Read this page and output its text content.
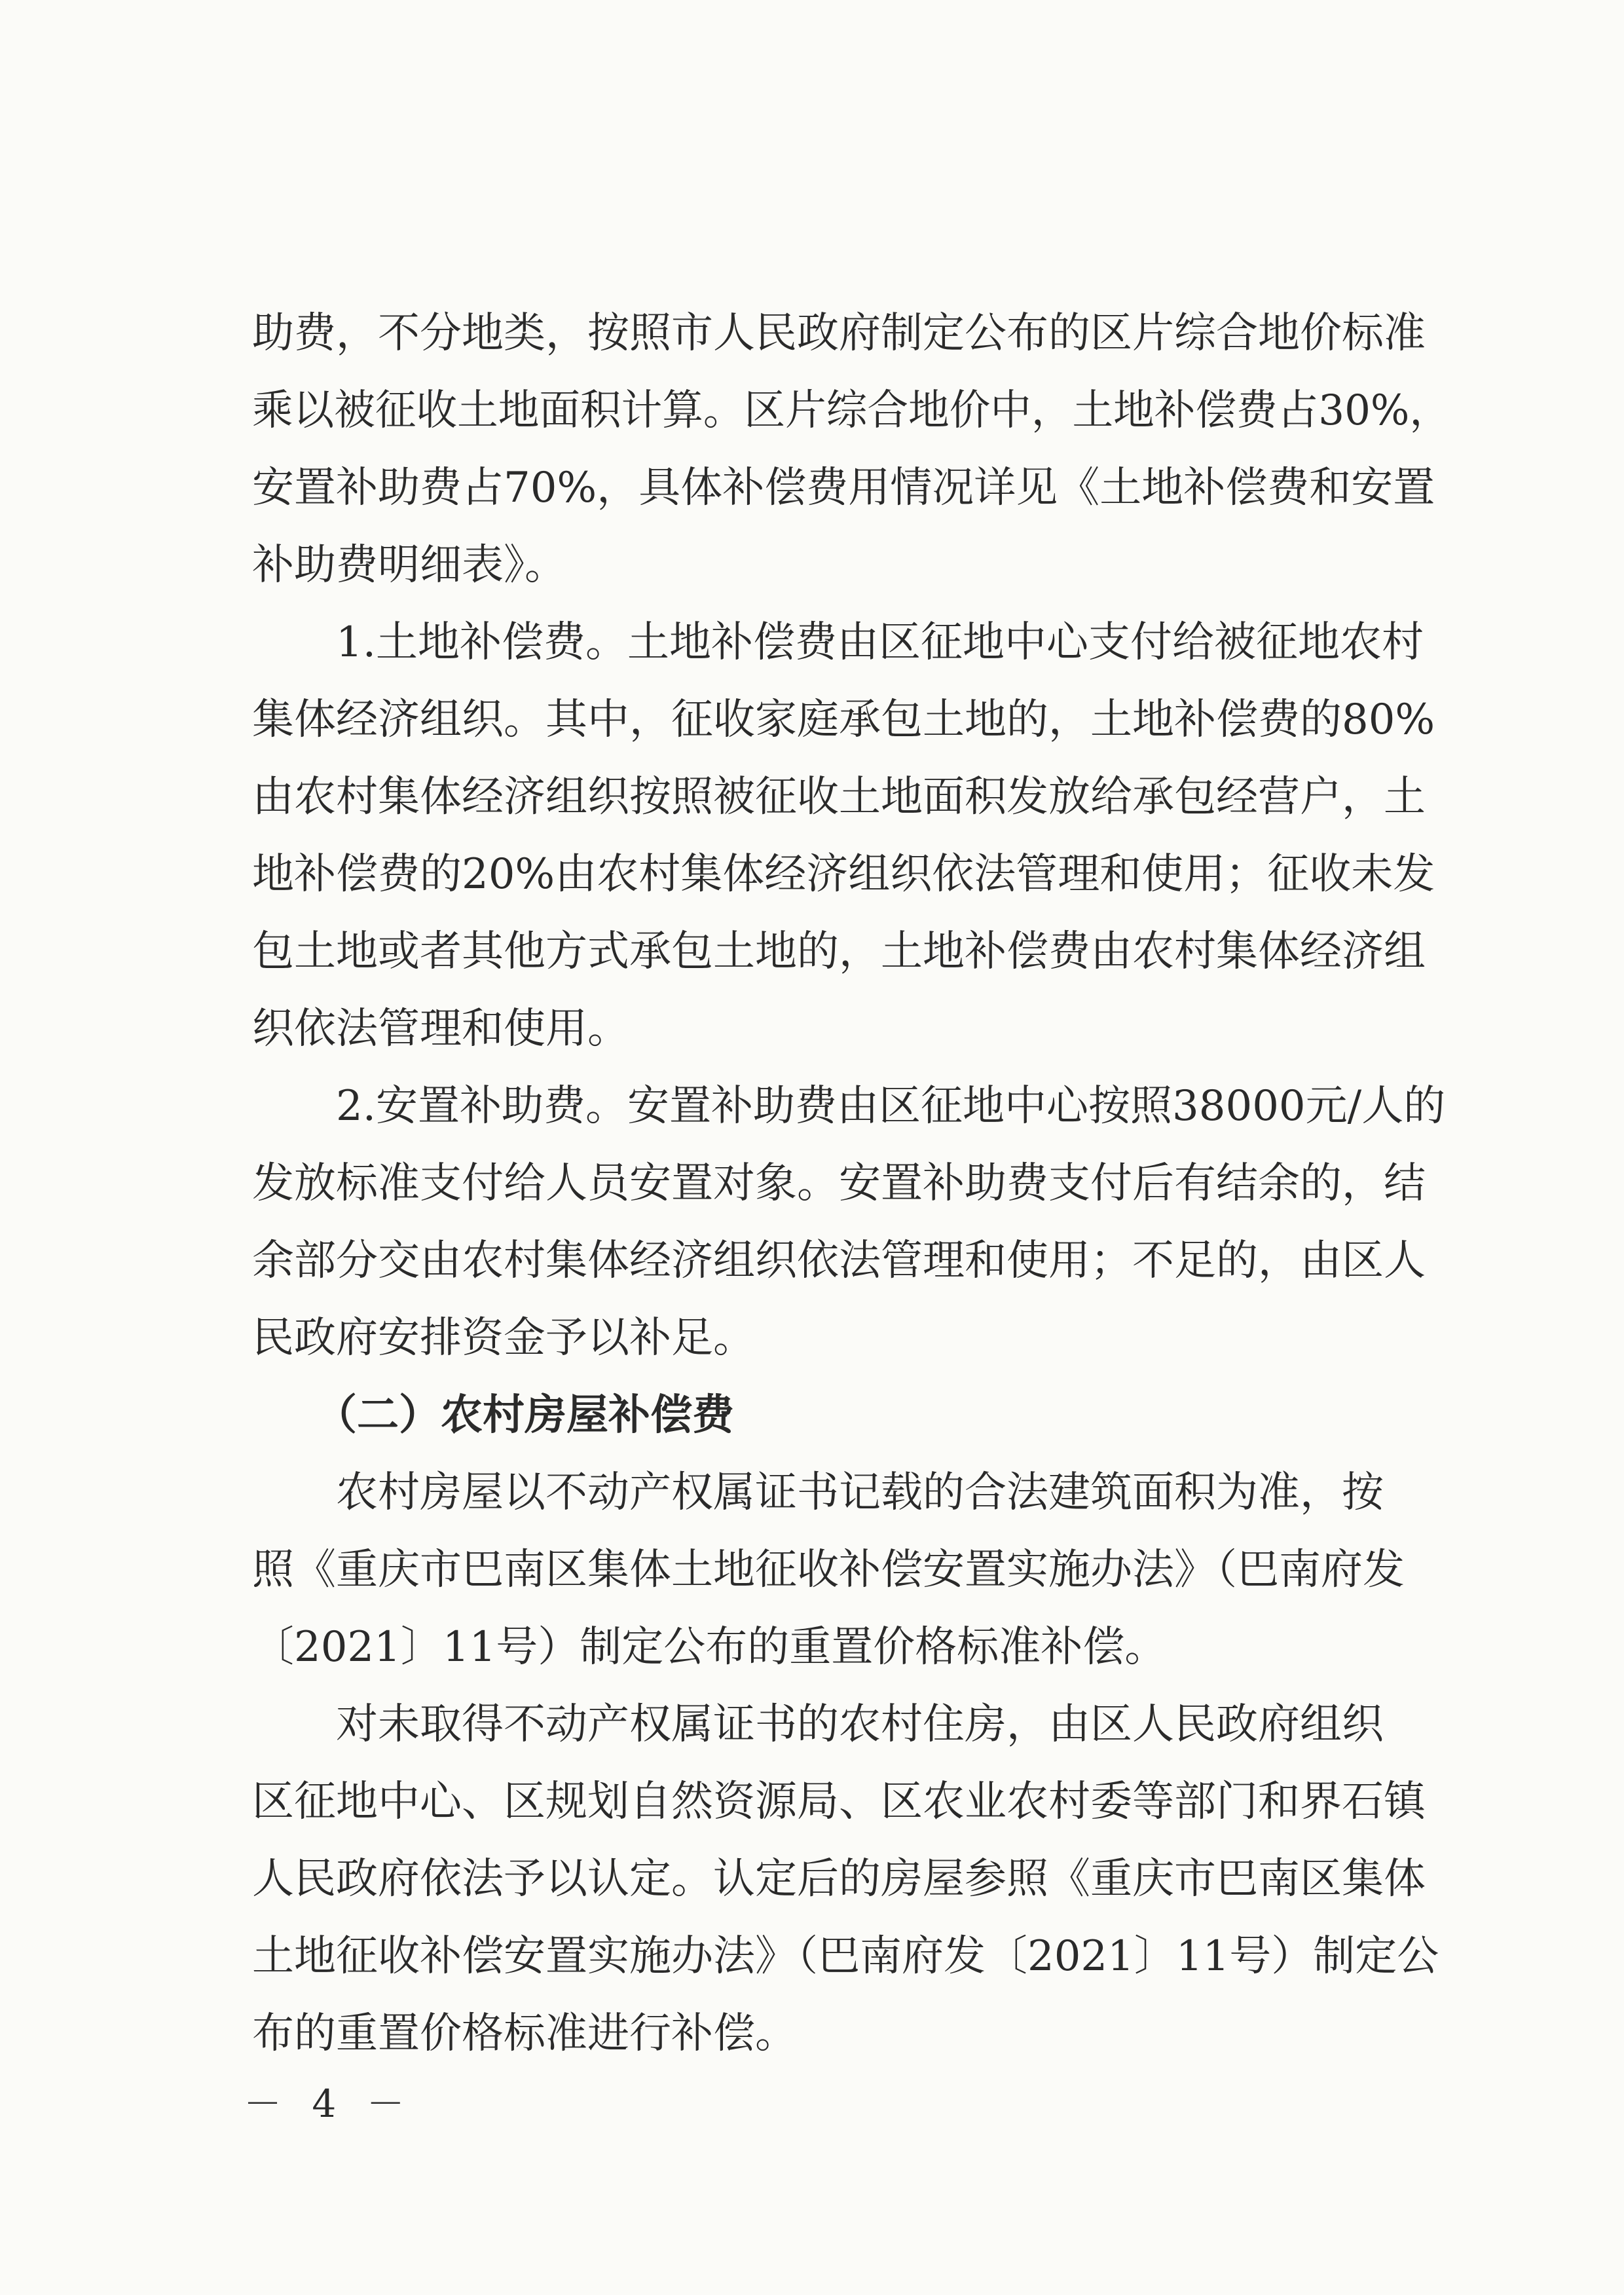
助费，不分地类，按照市人民政府制定公布的区片综合地价标准
乘以被征收土地面积计算。区片综合地价中，土地补偿费占30%，
安置补助费占70%，具体补偿费用情况详见《土地补偿费和安置
补助费明细表》。
　　1.土地补偿费。土地补偿费由区征地中心支付给被征地农村
集体经济组织。其中，征收家庭承包土地的，土地补偿费的80%
由农村集体经济组织按照被征收土地面积发放给承包经营户，土
地补偿费的20%由农村集体经济组织依法管理和使用；征收未发
包土地或者其他方式承包土地的，土地补偿费由农村集体经济组
织依法管理和使用。
　　2.安置补助费。安置补助费由区征地中心按照38000元/人的
发放标准支付给人员安置对象。安置补助费支付后有结余的，结
余部分交由农村集体经济组织依法管理和使用；不足的，由区人
民政府安排资金予以补足。
　　（二）农村房屋补偿费
　　农村房屋以不动产权属证书记载的合法建筑面积为准，按
照《重庆市巴南区集体土地征收补偿安置实施办法》（巴南府发
〔2021〕11号）制定公布的重置价格标准补偿。
　　对未取得不动产权属证书的农村住房，由区人民政府组织
区征地中心、区规划自然资源局、区农业农村委等部门和界石镇
人民政府依法予以认定。认定后的房屋参照《重庆市巴南区集体
土地征收补偿安置实施办法》（巴南府发〔2021〕11号）制定公
布的重置价格标准进行补偿。
－ 4 －
